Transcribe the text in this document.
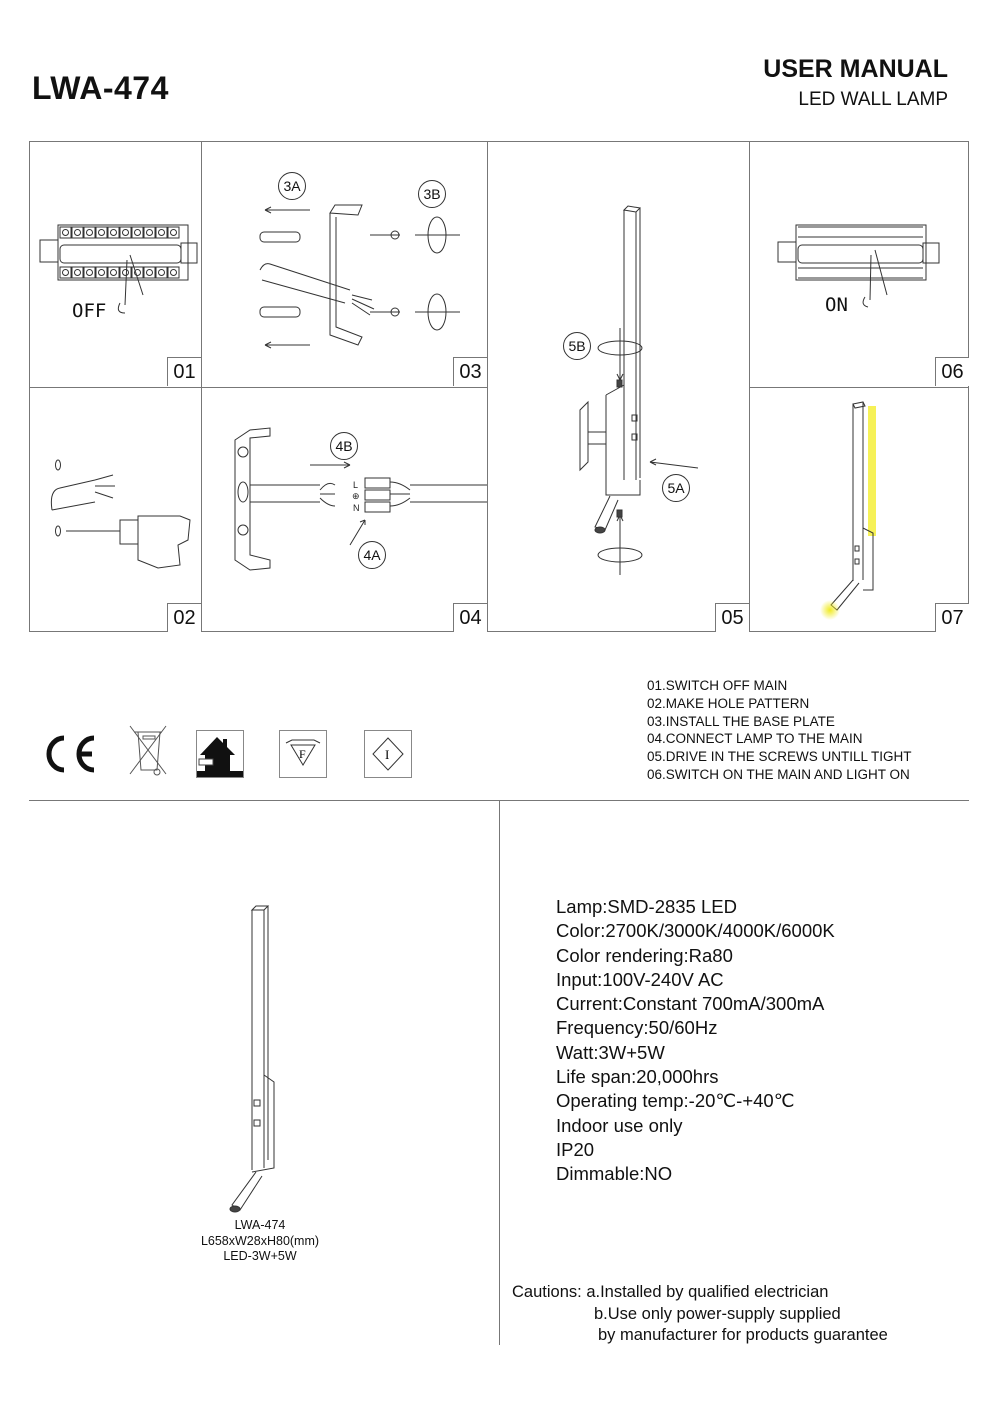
LWA-474
USER MANUAL
LED WALL LAMP
OFF
01
02
3A	3B
03
L
⊕
N
4B
4A
04
5B
5A
05
ON
06
07
F	I
01.SWITCH OFF MAIN
02.MAKE HOLE PATTERN
03.INSTALL THE BASE PLATE
04.CONNECT LAMP TO THE MAIN
05.DRIVE IN THE SCREWS UNTILL TIGHT
06.SWITCH ON THE MAIN AND LIGHT ON
LWA-474
L658xW28xH80(mm)
LED-3W+5W
Lamp:SMD-2835 LED
Color:2700K/3000K/4000K/6000K
Color rendering:Ra80
Input:100V-240V AC
Current:Constant 700mA/300mA
Frequency:50/60Hz
Watt:3W+5W
Life span:20,000hrs
Operating temp:-20℃-+40℃
Indoor use only
IP20
Dimmable:NO
Cautions: a.Installed by qualified electrician
b.Use only power-supply supplied
by manufacturer for products guarantee
